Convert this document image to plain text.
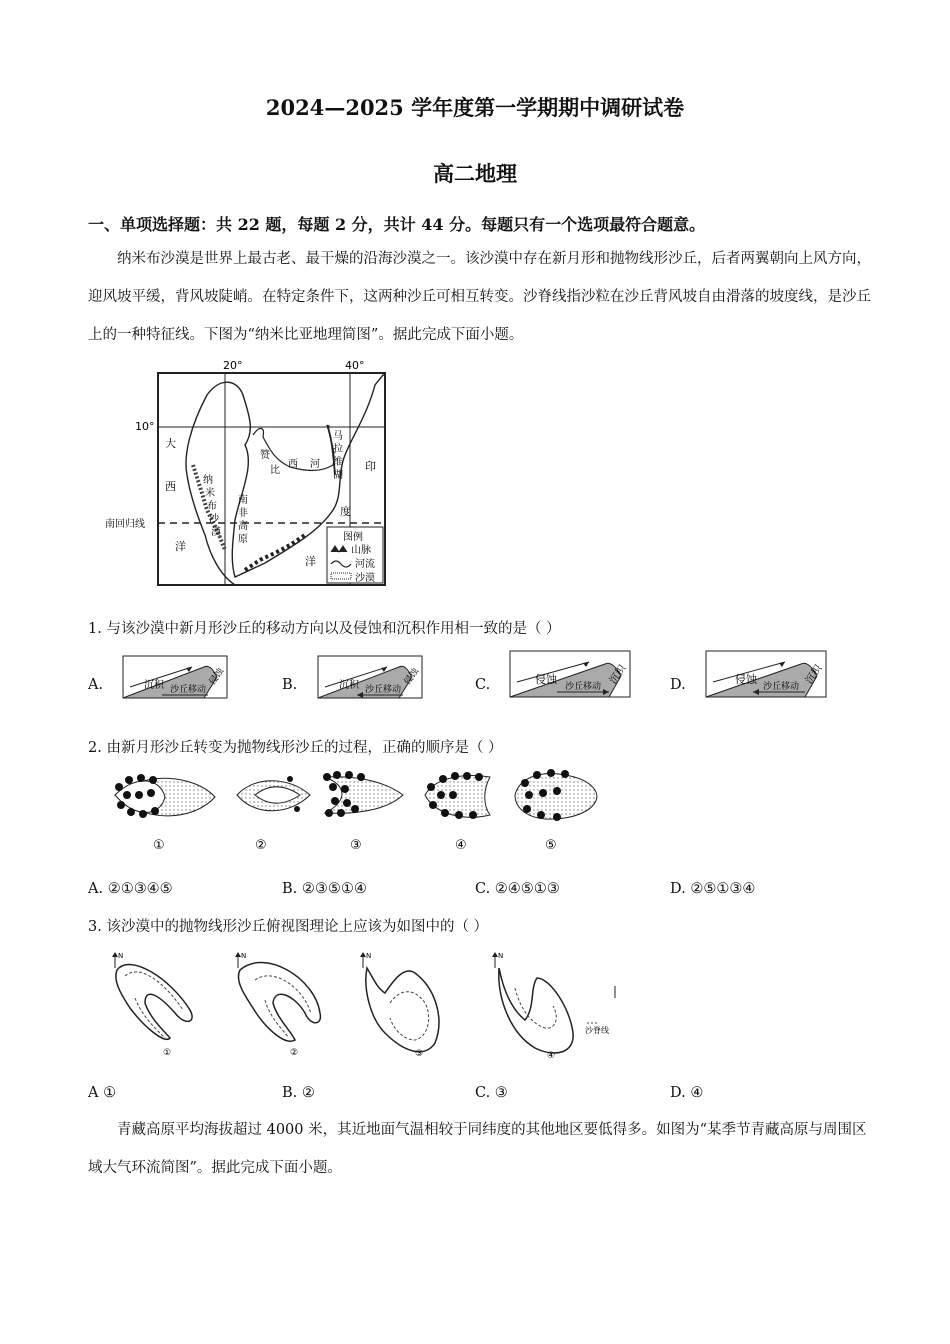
2024—2025 学年度第一学期期中调研试卷
高二地理
一、单项选择题：共 22 题，每题 2 分，共计 44 分。每题只有一个选项最符合题意。
纳米布沙漠是世界上最古老、最干燥的沿海沙漠之一。该沙漠中存在新月形和抛物线形沙丘，后者两翼朝向上风方向，迎风坡平缓，背风坡陡峭。在特定条件下，这两种沙丘可相互转变。沙脊线指沙粒在沙丘背风坡自由滑落的坡度线，是沙丘上的一种特征线。下图为“纳米比亚地理简图”。据此完成下面小题。
20°	40°
10°
南回归线
大
西
洋
印
度
洋
纳
米
布
沙
漠
南
非
高
原
赞
比
西 河
马
拉
维
湖
图例
山脉
河流
沙漠
1. 与该沙漠中新月形沙丘的移动方向以及侵蚀和沉积作用相一致的是（ ）
A.	沉积	侵蚀
沙丘移动	B.	沉积	侵蚀
沙丘移动	C.	侵蚀	沉积
沙丘移动	D.	侵蚀	沉积
沙丘移动
2. 由新月形沙丘转变为抛物线形沙丘的过程，正确的顺序是（ ）
①	②	③	④	⑤
A. ②①③④⑤	B. ②③⑤①④	C. ②④⑤①③	D. ②⑤①③④
3. 该沙漠中的抛物线形沙丘俯视图理论上应该为如图中的（ ）
N
①
N
②
N
③
N
④
沙脊线
A ①	B. ②	C. ③	D. ④
青藏高原平均海拔超过 4000 米，其近地面气温相较于同纬度的其他地区要低得多。如图为“某季节青藏高原与周围区域大气环流简图”。据此完成下面小题。
